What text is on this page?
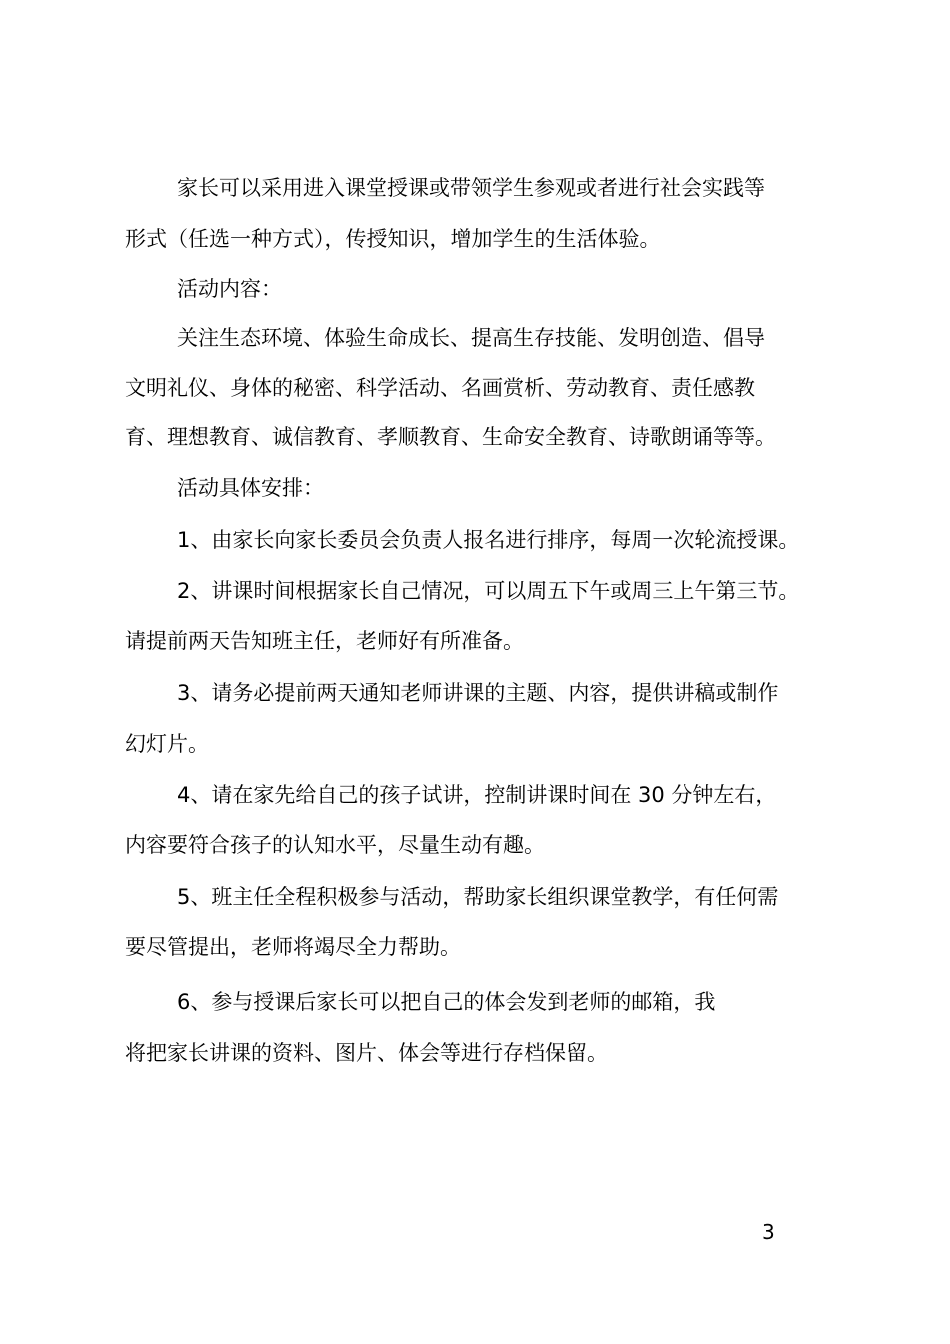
家长可以采用进入课堂授课或带领学生参观或者进行社会实践等

形式（任选一种方式），传授知识，增加学生的生活体验。

活动内容：

关注生态环境、体验生命成长、提高生存技能、发明创造、倡导

文明礼仪、身体的秘密、科学活动、名画赏析、劳动教育、责任感教

育、理想教育、诚信教育、孝顺教育、生命安全教育、诗歌朗诵等等。

活动具体安排：

1、由家长向家长委员会负责人报名进行排序，每周一次轮流授课。

2、讲课时间根据家长自己情况，可以周五下午或周三上午第三节。

请提前两天告知班主任，老师好有所准备。

3、请务必提前两天通知老师讲课的主题、内容，提供讲稿或制作

幻灯片。

4、请在家先给自己的孩子试讲，控制讲课时间在 30 分钟左右，

内容要符合孩子的认知水平，尽量生动有趣。

5、班主任全程积极参与活动，帮助家长组织课堂教学，有任何需

要尽管提出，老师将竭尽全力帮助。

6、参与授课后家长可以把自己的体会发到老师的邮箱，我

将把家长讲课的资料、图片、体会等进行存档保留。

3
